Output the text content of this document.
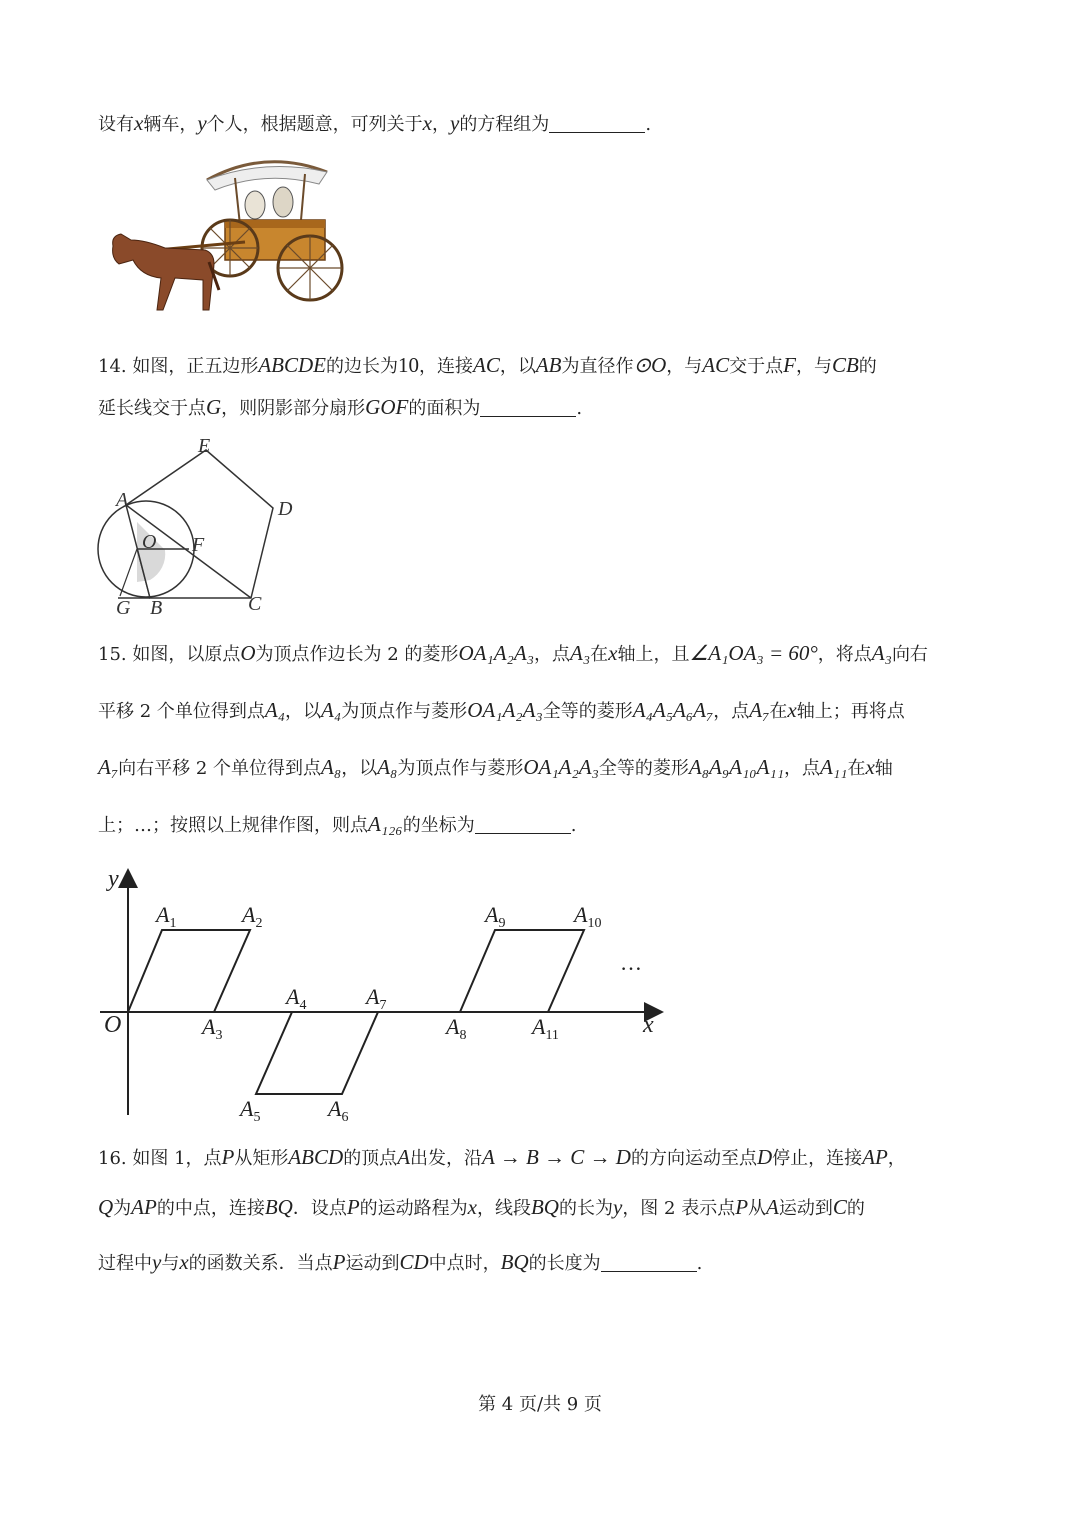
设有x辆车，y个人，根据题意，可列关于x，y的方程组为	.
14. 如图，正五边形ABCDE的边长为10，连接AC，以AB为直径作⊙O，与AC交于点F，与CB的
延长线交于点G，则阴影部分扇形GOF的面积为	.
E
A	D
O F
G B	C
15. 如图，以原点O为顶点作边长为 2 的菱形OA₁A₂A₃，点A₃在x轴上，且∠A₁OA₃ = 60°，将点A₃向右
平移 2 个单位得到点A₄，以A₄为顶点作与菱形OA₁A₂A₃全等的菱形A₄A₅A₆A₇，点A₇在x轴上；再将点
A₇向右平移 2 个单位得到点A₈，以A₈为顶点作与菱形OA₁A₂A₃全等的菱形A₈A₉A₁₀A₁₁，点A₁₁在x轴
上；…；按照以上规律作图，则点A₁₂₆的坐标为	.
y
x
O
$A_1$	$A_2$
$A_3$
$A_4$
$A_5$	$A_6$
$A_7$
$A_8$
$A_9$	$A_{10}$
$A_{11}$
…
16. 如图 1，点P从矩形ABCD的顶点A出发，沿A → B → C → D的方向运动至点D停止，连接AP，
Q为AP的中点，连接BQ．设点P的运动路程为x，线段BQ的长为y，图 2 表示点P从A运动到C的
过程中y与x的函数关系．当点P运动到CD中点时，BQ的长度为	.
第 4 页/共 9 页
